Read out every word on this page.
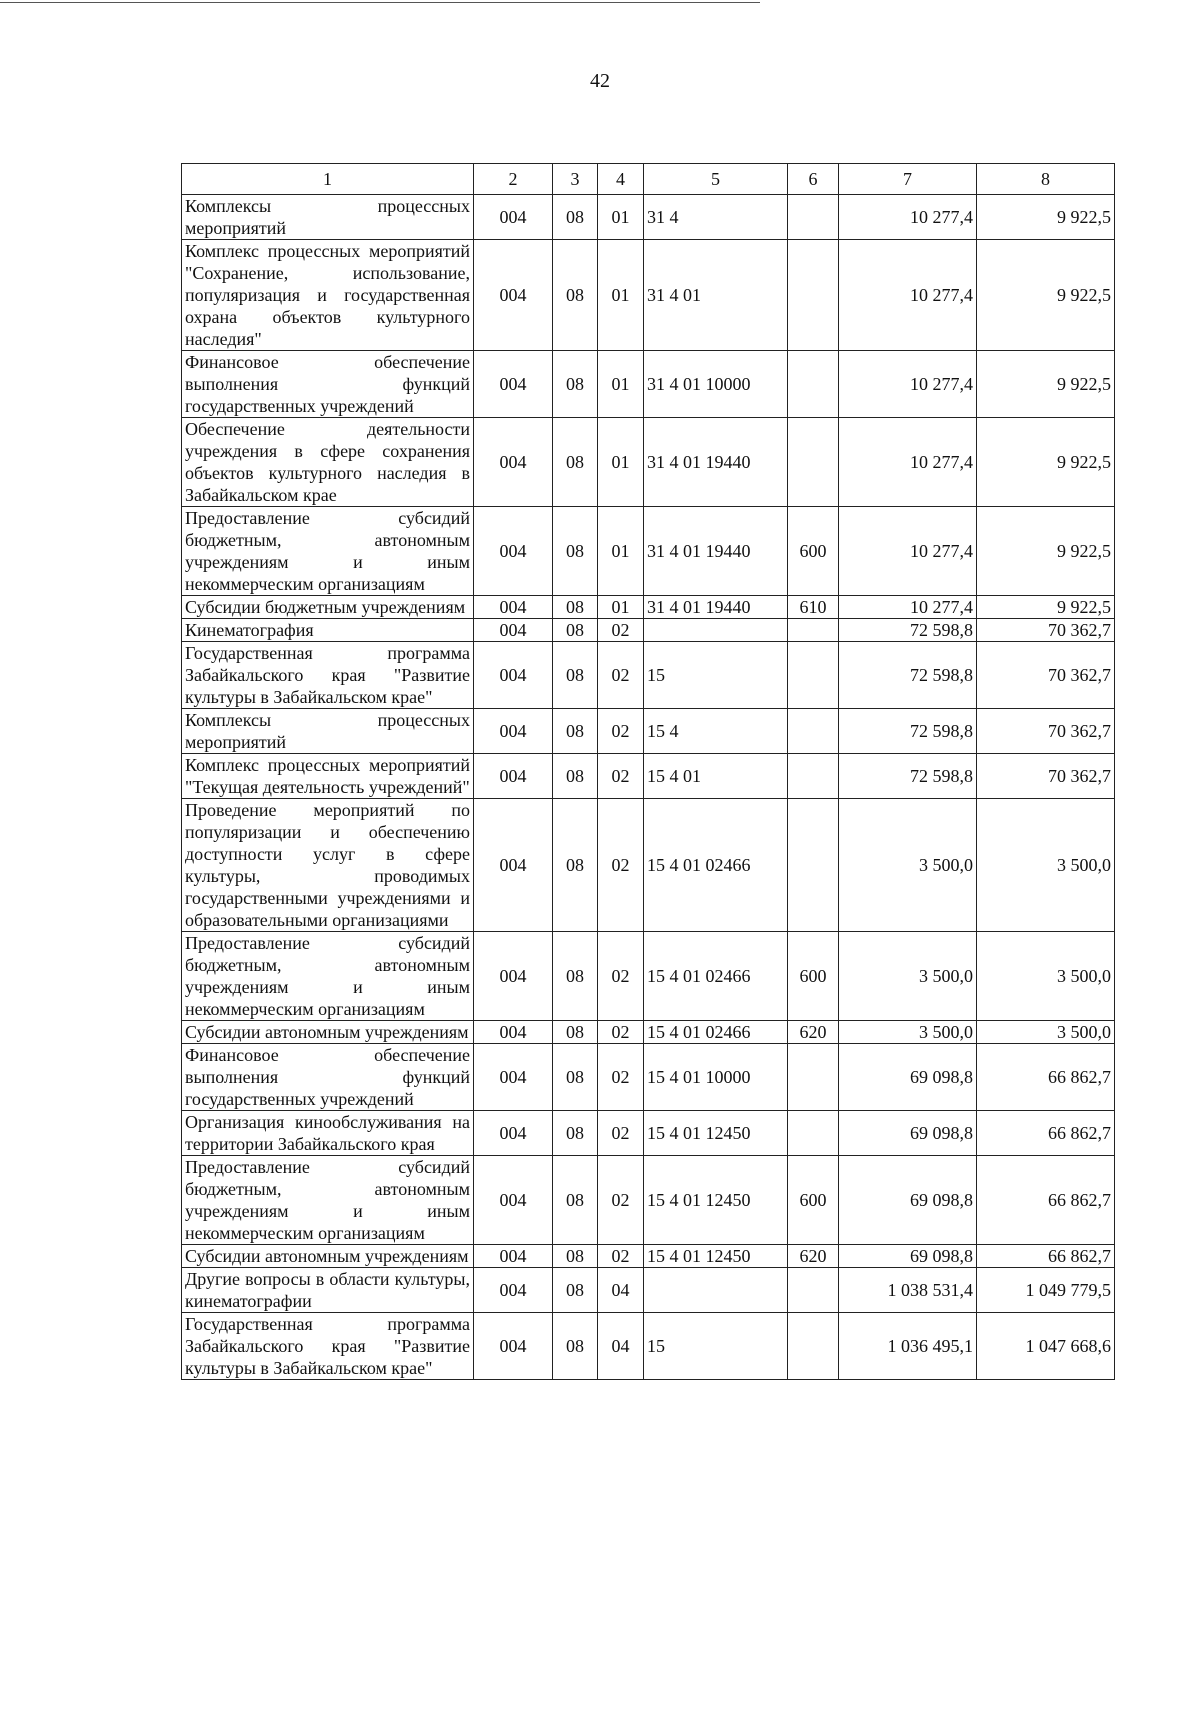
42
1	2	3	4	5	6	7	8
Комплексы процессных мероприятий	004	08	01	31 4		10 277,4	9 922,5
Комплекс процессных мероприятий "Сохранение, использование, популяризация и государственная охрана объектов культурного наследия"	004	08	01	31 4 01		10 277,4	9 922,5
Финансовое обеспечение выполнения функций государственных учреждений	004	08	01	31 4 01 10000		10 277,4	9 922,5
Обеспечение деятельности учреждения в сфере сохранения объектов культурного наследия в Забайкальском крае	004	08	01	31 4 01 19440		10 277,4	9 922,5
Предоставление субсидий бюджетным, автономным учреждениям и иным некоммерческим организациям	004	08	01	31 4 01 19440	600	10 277,4	9 922,5
Субсидии бюджетным учреждениям	004	08	01	31 4 01 19440	610	10 277,4	9 922,5
Кинематография	004	08	02			72 598,8	70 362,7
Государственная программа Забайкальского края "Развитие культуры в Забайкальском крае"	004	08	02	15		72 598,8	70 362,7
Комплексы процессных мероприятий	004	08	02	15 4		72 598,8	70 362,7
Комплекс процессных мероприятий "Текущая деятельность учреждений"	004	08	02	15 4 01		72 598,8	70 362,7
Проведение мероприятий по популяризации и обеспечению доступности услуг в сфере культуры, проводимых государственными учреждениями и образовательными организациями	004	08	02	15 4 01 02466		3 500,0	3 500,0
Предоставление субсидий бюджетным, автономным учреждениям и иным некоммерческим организациям	004	08	02	15 4 01 02466	600	3 500,0	3 500,0
Субсидии автономным учреждениям	004	08	02	15 4 01 02466	620	3 500,0	3 500,0
Финансовое обеспечение выполнения функций государственных учреждений	004	08	02	15 4 01 10000		69 098,8	66 862,7
Организация кинообслуживания на территории Забайкальского края	004	08	02	15 4 01 12450		69 098,8	66 862,7
Предоставление субсидий бюджетным, автономным учреждениям и иным некоммерческим организациям	004	08	02	15 4 01 12450	600	69 098,8	66 862,7
Субсидии автономным учреждениям	004	08	02	15 4 01 12450	620	69 098,8	66 862,7
Другие вопросы в области культуры, кинематографии	004	08	04			1 038 531,4	1 049 779,5
Государственная программа Забайкальского края "Развитие культуры в Забайкальском крае"	004	08	04	15		1 036 495,1	1 047 668,6
